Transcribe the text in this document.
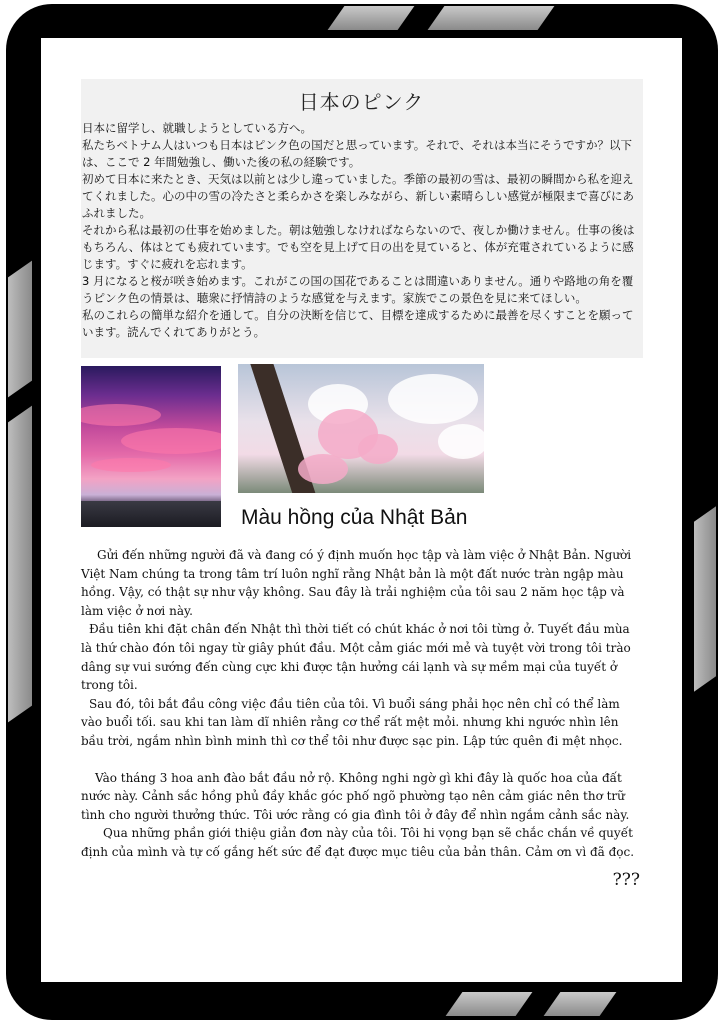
日本のピンク

日本に留学し、就職しようとしている方へ。

私たちベトナム人はいつも日本はピンク色の国だと思っています。それで、それは本当にそうですか？以下は、ここで 2 年間勉強し、働いた後の私の経験です。

初めて日本に来たとき、天気は以前とは少し違っていました。季節の最初の雪は、最初の瞬間から私を迎えてくれました。心の中の雪の冷たさと柔らかさを楽しみながら、新しい素晴らしい感覚が極限まで喜びにあふれました。

それから私は最初の仕事を始めました。朝は勉強しなければならないので、夜しか働けません。仕事の後はもちろん、体はとても疲れています。でも空を見上げて日の出を見ていると、体が充電されているように感じます。すぐに疲れを忘れます。

3 月になると桜が咲き始めます。これがこの国の国花であることは間違いありません。通りや路地の角を覆うピンク色の情景は、聴衆に抒情詩のような感覚を与えます。家族でこの景色を見に来てほしい。

私のこれらの簡単な紹介を通して。自分の決断を信じて、目標を達成するために最善を尽くすことを願っています。読んでくれてありがとう。

Màu hồng của Nhật Bản

Gửi đến những người đã và đang có ý định muốn học tập và làm việc ở Nhật Bản. Người Việt Nam chúng ta trong tâm trí luôn nghĩ rằng Nhật bản là một đất nước tràn ngập màu hồng. Vậy, có thật sự như vậy không. Sau đây là trải nghiệm của tôi sau 2 năm học tập và làm việc ở nơi này.

Đầu tiên khi đặt chân đến Nhật thì thời tiết có chút khác ở nơi tôi từng ở. Tuyết đầu mùa là thứ chào đón tôi ngay từ giây phút đầu. Một cảm giác mới mẻ và tuyệt vời trong tôi trào dâng sự vui sướng đến cùng cực khi được tận hưởng cái lạnh và sự mềm mại của tuyết ở trong tôi.

Sau đó, tôi bắt đầu công việc đầu tiên của tôi. Vì buổi sáng phải học nên chỉ có thể làm vào buổi tối. sau khi tan làm dĩ nhiên rằng cơ thể rất mệt mỏi. nhưng khi ngước nhìn lên bầu trời, ngắm nhìn bình minh thì cơ thể tôi như được sạc pin. Lập tức quên đi mệt nhọc.

Vào tháng 3 hoa anh đào bắt đầu nở rộ. Không nghi ngờ gì khi đây là quốc hoa của đất nước này. Cảnh sắc hồng phủ đầy khắc góc phố ngõ phường tạo nên cảm giác nên thơ trữ tình cho người thưởng thức. Tôi ước rằng có gia đình tôi ở đây để nhìn ngắm cảnh sắc này.

Qua những phần giới thiệu giản đơn này của tôi. Tôi hi vọng bạn sẽ chắc chắn về quyết định của mình và tự cố gắng hết sức để đạt được mục tiêu của bản thân. Cảm ơn vì đã đọc.

???
